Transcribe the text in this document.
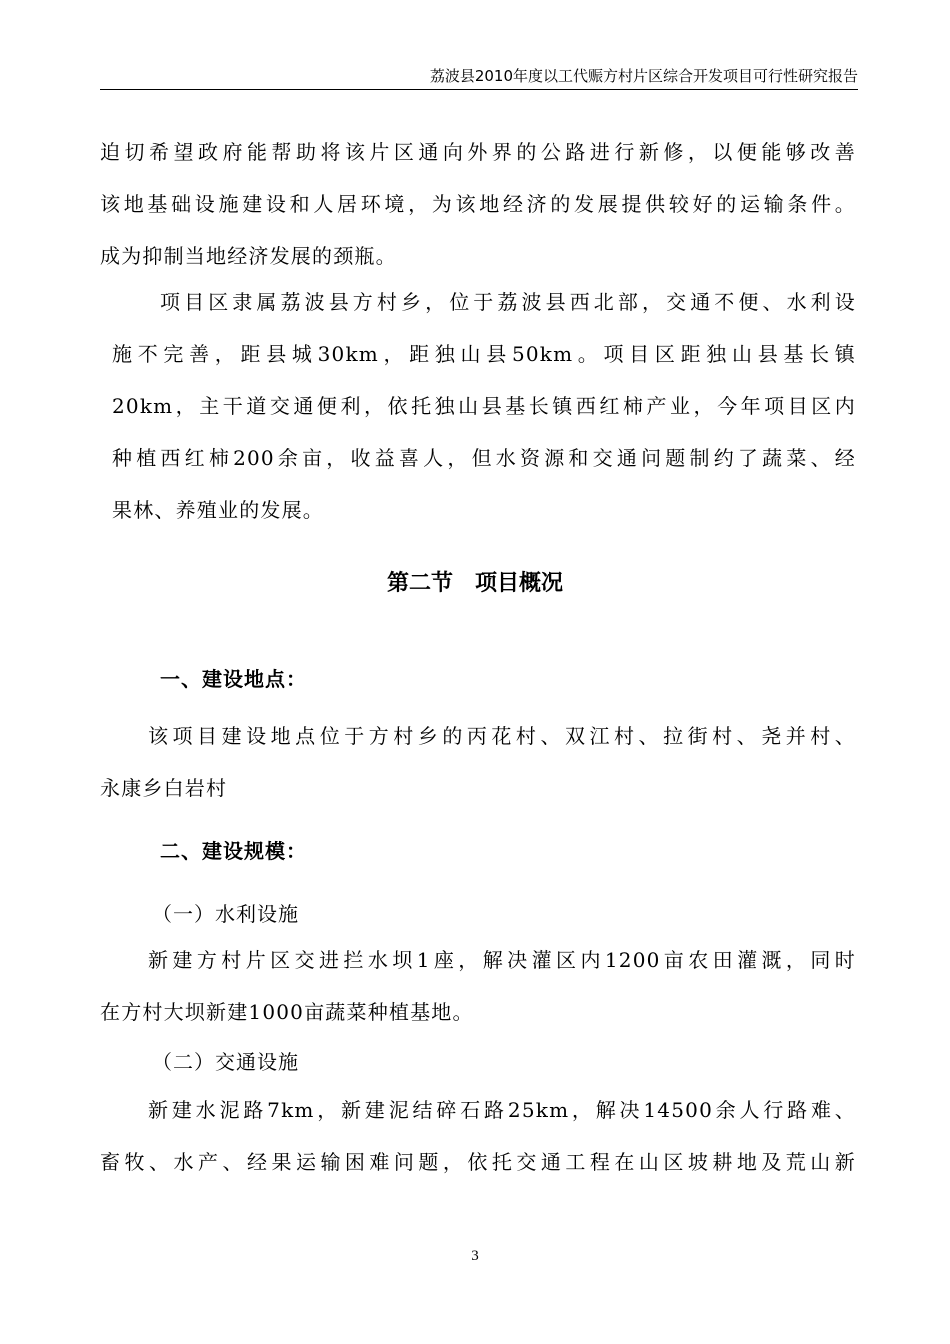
荔波县2010年度以工代赈方村片区综合开发项目可行性研究报告

迫切希望政府能帮助将该片区通向外界的公路进行新修，以便能够改善
该地基础设施建设和人居环境，为该地经济的发展提供较好的运输条件。
成为抑制当地经济发展的颈瓶。

项目区隶属荔波县方村乡，位于荔波县西北部，交通不便、水利设
施不完善，距县城30km，距独山县50km。项目区距独山县基长镇
20km，主干道交通便利，依托独山县基长镇西红柿产业，今年项目区内
种植西红柿200余亩，收益喜人，但水资源和交通问题制约了蔬菜、经
果林、养殖业的发展。

第二节　项目概况
一、建设地点：

该项目建设地点位于方村乡的丙花村、双江村、拉街村、尧并村、
永康乡白岩村

二、建设规模：

（一）水利设施

新建方村片区交进拦水坝1座，解决灌区内1200亩农田灌溉，同时
在方村大坝新建1000亩蔬菜种植基地。

（二）交通设施

新建水泥路7km，新建泥结碎石路25km，解决14500余人行路难、
畜牧、水产、经果运输困难问题，依托交通工程在山区坡耕地及荒山新

3
